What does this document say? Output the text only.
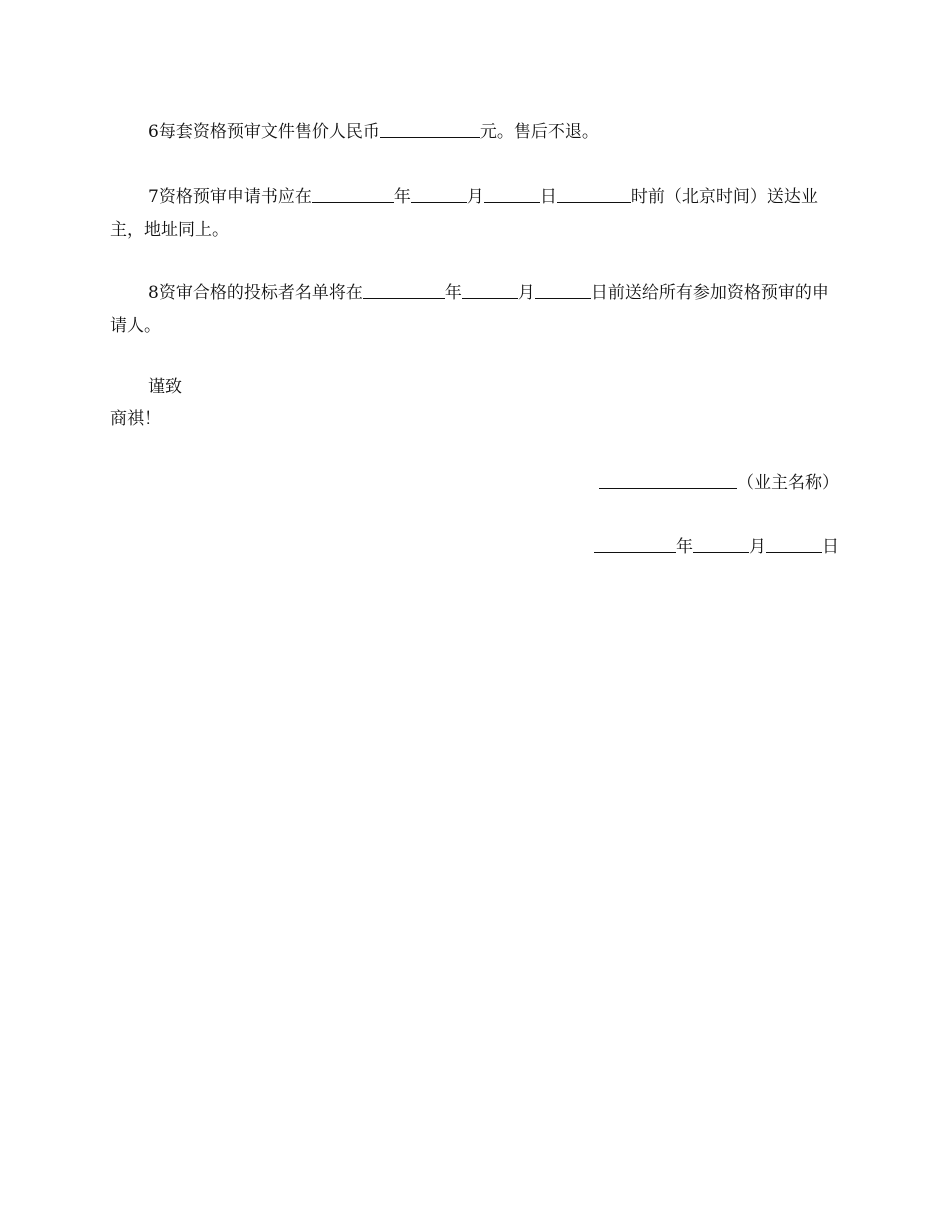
6每套资格预审文件售价人民币	元。售后不退。
7资格预审申请书应在	年	月	日	时前（北京时间）送达业主，地址同上。
8资审合格的投标者名单将在	年	月	日前送给所有参加资格预审的申请人。
谨致
商祺！
（业主名称）
年	月	日
